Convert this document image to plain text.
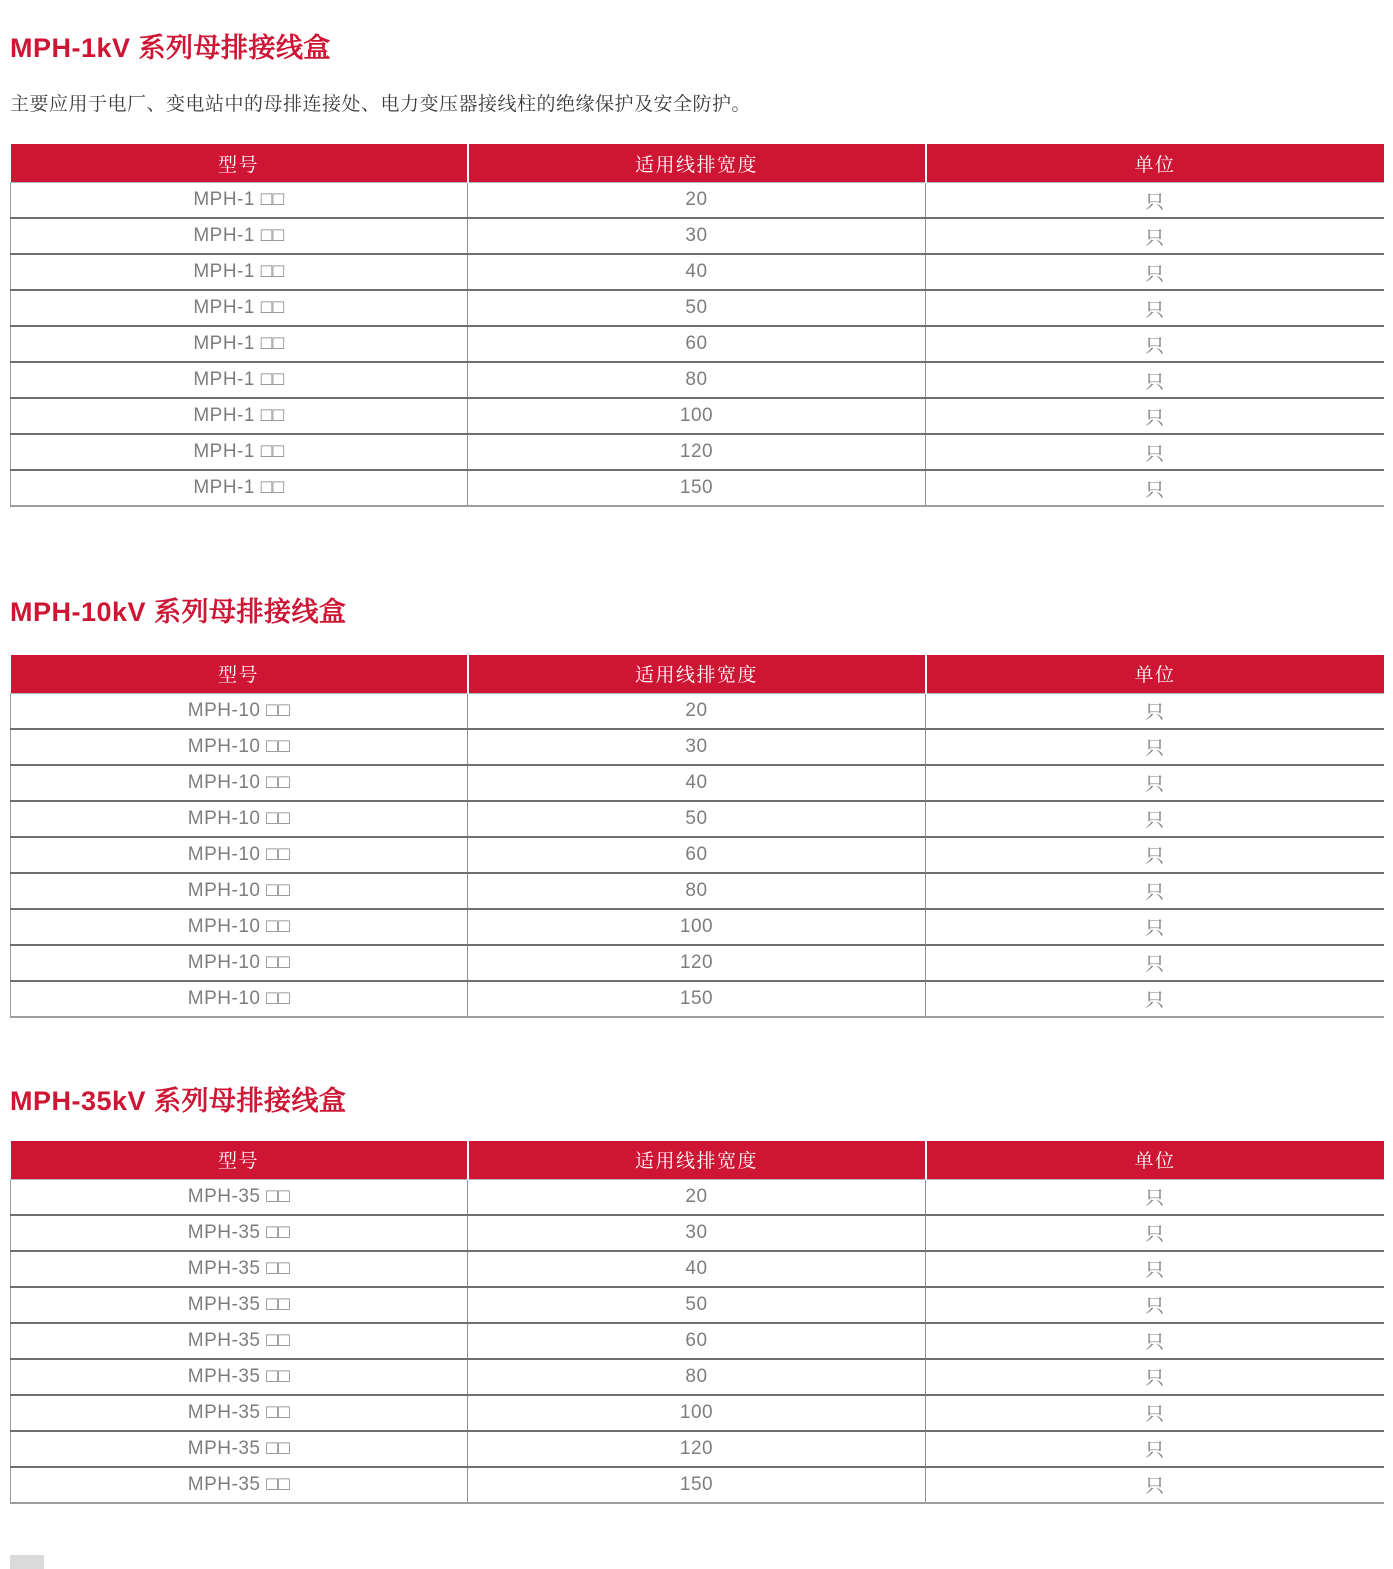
MPH-1kV 系列母排接线盒

主要应用于电厂、变电站中的母排连接处、电力变压器接线柱的绝缘保护及安全防护。

型号	适用线排宽度	单位
MPH-1 □□	20	只
MPH-1 □□	30	只
MPH-1 □□	40	只
MPH-1 □□	50	只
MPH-1 □□	60	只
MPH-1 □□	80	只
MPH-1 □□	100	只
MPH-1 □□	120	只
MPH-1 □□	150	只
MPH-10kV 系列母排接线盒
型号	适用线排宽度	单位
MPH-10 □□	20	只
MPH-10 □□	30	只
MPH-10 □□	40	只
MPH-10 □□	50	只
MPH-10 □□	60	只
MPH-10 □□	80	只
MPH-10 □□	100	只
MPH-10 □□	120	只
MPH-10 □□	150	只
MPH-35kV 系列母排接线盒
型号	适用线排宽度	单位
MPH-35 □□	20	只
MPH-35 □□	30	只
MPH-35 □□	40	只
MPH-35 □□	50	只
MPH-35 □□	60	只
MPH-35 □□	80	只
MPH-35 □□	100	只
MPH-35 □□	120	只
MPH-35 □□	150	只
